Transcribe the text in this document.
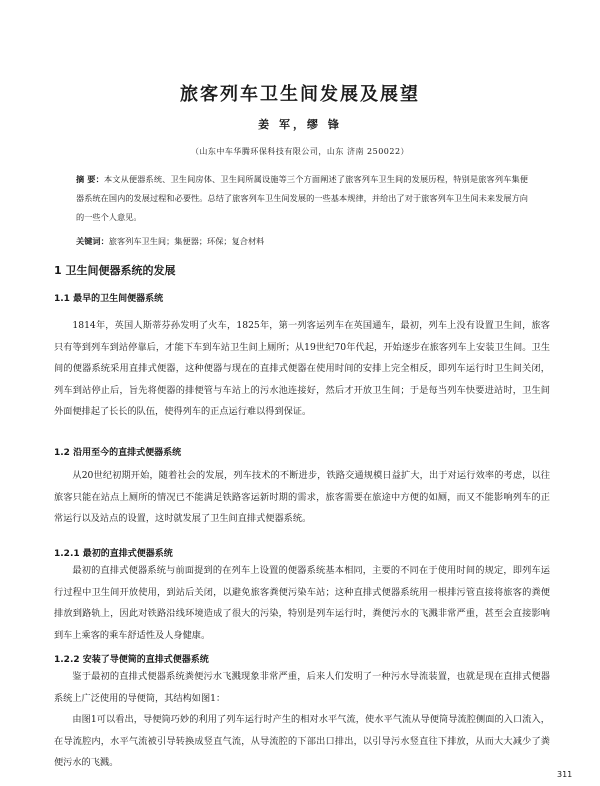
旅客列车卫生间发展及展望
姜 军，缪 锋
（山东中车华腾环保科技有限公司，山东 济南 250022）
摘 要：本文从便器系统、卫生间房体、卫生间所属设施等三个方面阐述了旅客列车卫生间的发展历程，特别是旅客列车集便器系统在国内的发展过程和必要性。总结了旅客列车卫生间发展的一些基本规律，并给出了对于旅客列车卫生间未来发展方向的一些个人意见。
关键词：旅客列车卫生间；集便器；环保；复合材料
1 卫生间便器系统的发展
1.1 最早的卫生间便器系统
1814年，英国人斯蒂芬孙发明了火车，1825年，第一列客运列车在英国通车，最初，列车上没有设置卫生间，旅客只有等到列车到站停靠后，才能下车到车站卫生间上厕所；从19世纪70年代起，开始逐步在旅客列车上安装卫生间。卫生间的便器系统采用直排式便器，这种便器与现在的直排式便器在使用时间的安排上完全相反，即列车运行时卫生间关闭，列车到站停止后，旨先将便器的排便管与车站上的污水池连接好，然后才开放卫生间；于是每当列车快要进站时，卫生间外面便排起了长长的队伍，使得列车的正点运行难以得到保证。
1.2 沿用至今的直排式便器系统
从20世纪初期开始，随着社会的发展，列车技术的不断进步，铁路交通规模日益扩大，出于对运行效率的考虑，以往旅客只能在站点上厕所的情况已不能满足铁路客运新时期的需求，旅客需要在旅途中方便的如厕，而又不能影响列车的正常运行以及站点的设置，这时就发展了卫生间直排式便器系统。
1.2.1 最初的直排式便器系统
最初的直排式便器系统与前面提到的在列车上设置的便器系统基本相同，主要的不同在于使用时间的规定，即列车运行过程中卫生间开放使用，到站后关闭，以避免旅客粪便污染车站；这种直排式便器系统用一根排污管直接将旅客的粪便排放到路轨上，因此对铁路沿线环境造成了很大的污染，特别是列车运行时，粪便污水的飞溅非常严重，甚至会直接影响到车上乘客的乘车舒适性及人身健康。
1.2.2 安装了导便筒的直排式便器系统
鉴于最初的直排式便器系统粪便污水飞溅现象非常严重，后来人们发明了一种污水导流装置，也就是现在直排式便器系统上广泛使用的导便筒，其结构如图1：
由图1可以看出，导便筒巧妙的利用了列车运行时产生的相对水平气流，使水平气流从导便筒导流腔侧面的入口流入，在导流腔内，水平气流被引导转换成竖直气流，从导流腔的下部出口排出，以引导污水竖直往下排放，从而大大减少了粪便污水的飞溅。
311
